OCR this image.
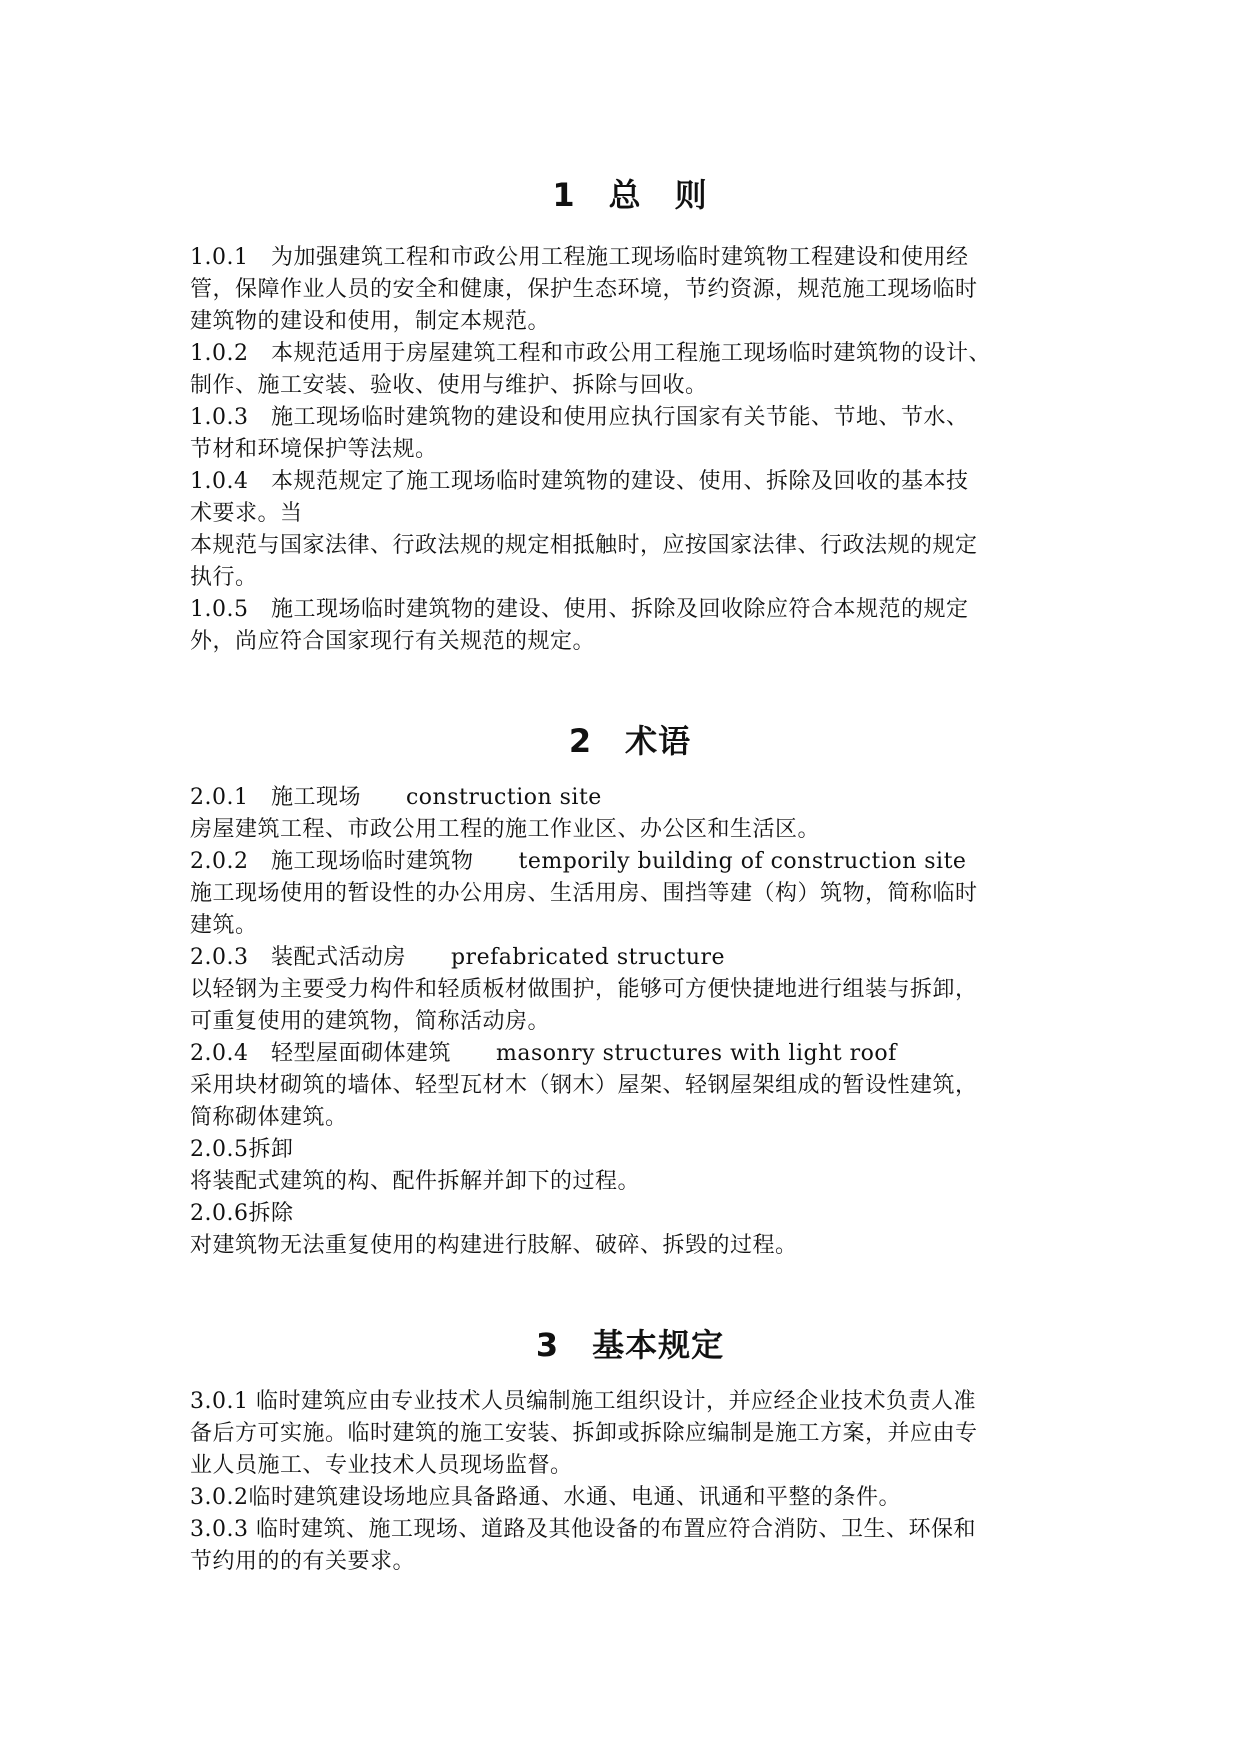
1　总　则

1.0.1　为加强建筑工程和市政公用工程施工现场临时建筑物工程建设和使用经

管，保障作业人员的安全和健康，保护生态环境，节约资源，规范施工现场临时

建筑物的建设和使用，制定本规范。

1.0.2　本规范适用于房屋建筑工程和市政公用工程施工现场临时建筑物的设计、

制作、施工安装、验收、使用与维护、拆除与回收。

1.0.3　施工现场临时建筑物的建设和使用应执行国家有关节能、节地、节水、

节材和环境保护等法规。

1.0.4　本规范规定了施工现场临时建筑物的建设、使用、拆除及回收的基本技

术要求。当

本规范与国家法律、行政法规的规定相抵触时，应按国家法律、行政法规的规定

执行。

1.0.5　施工现场临时建筑物的建设、使用、拆除及回收除应符合本规范的规定

外，尚应符合国家现行有关规范的规定。

2　术语

2.0.1　施工现场　　construction site

房屋建筑工程、市政公用工程的施工作业区、办公区和生活区。

2.0.2　施工现场临时建筑物　　temporily building of construction site

施工现场使用的暂设性的办公用房、生活用房、围挡等建（构）筑物，简称临时

建筑。

2.0.3　装配式活动房　　prefabricated structure

以轻钢为主要受力构件和轻质板材做围护，能够可方便快捷地进行组装与拆卸，

可重复使用的建筑物，简称活动房。

2.0.4　轻型屋面砌体建筑　　masonry structures with light roof

采用块材砌筑的墙体、轻型瓦材木（钢木）屋架、轻钢屋架组成的暂设性建筑，

简称砌体建筑。

2.0.5拆卸

将装配式建筑的构、配件拆解并卸下的过程。

2.0.6拆除

对建筑物无法重复使用的构建进行肢解、破碎、拆毁的过程。

3　基本规定

3.0.1 临时建筑应由专业技术人员编制施工组织设计，并应经企业技术负责人准

备后方可实施。临时建筑的施工安装、拆卸或拆除应编制是施工方案，并应由专

业人员施工、专业技术人员现场监督。

3.0.2临时建筑建设场地应具备路通、水通、电通、讯通和平整的条件。

3.0.3 临时建筑、施工现场、道路及其他设备的布置应符合消防、卫生、环保和

节约用的的有关要求。
